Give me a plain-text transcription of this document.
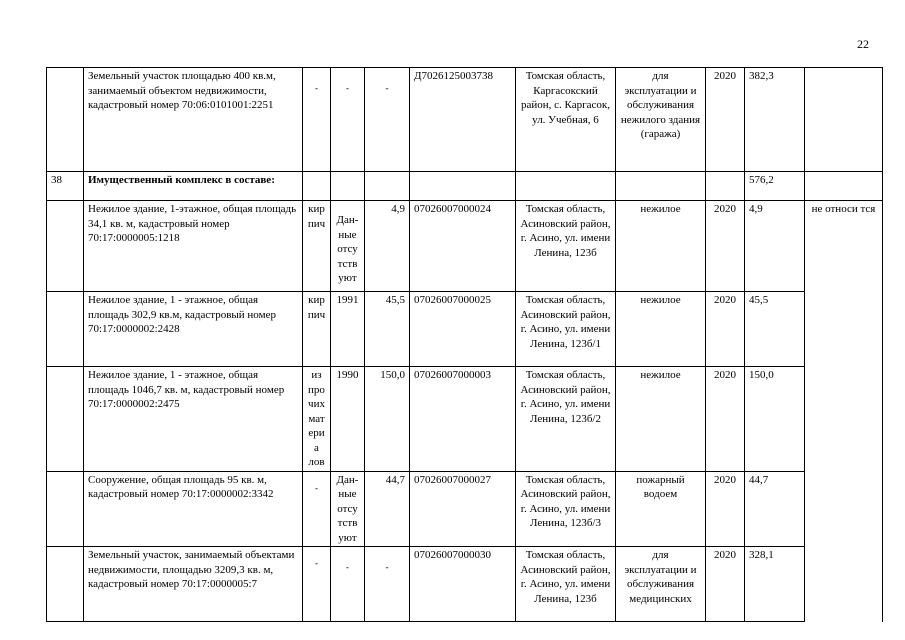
22
	Земельный участок площадью 400 кв.м, занимаемый объектом недвижимости, кадастровый номер 70:06:0101001:2251	-	-	-	Д7026125003738	Томская область, Каргасокский район, с. Каргасок, ул. Учебная, 6	для эксплуатации и обслуживания нежилого здания (гаража)	2020	382,3		
38	Имущественный комплекс в составе:								576,2		
	Нежилое здание, 1-этажное, общая площадь 34,1 кв. м, кадастровый номер 70:17:0000005:1218	кир пич	Дан-ные отсу тств уют	4,9	07026007000024	Томская область, Асиновский район, г. Асино, ул. имени Ленина, 123б	нежилое	2020	4,9	не относи тся	
	Нежилое здание, 1 - этажное, общая площадь 302,9 кв.м, кадастровый номер 70:17:0000002:2428	кир пич	1991	45,5	07026007000025	Томская область, Асиновский район, г. Асино, ул. имени Ленина, 123б/1	нежилое	2020	45,5		
	Нежилое здание, 1 - этажное, общая площадь 1046,7 кв. м, кадастровый номер 70:17:0000002:2475	из про чих мат ериа лов	1990	150,0	07026007000003	Томская область, Асиновский район, г. Асино, ул. имени Ленина, 123б/2	нежилое	2020	150,0		
	Сооружение, общая площадь 95 кв. м, кадастровый номер 70:17:0000002:3342	-	Дан-ные отсу тств уют	44,7	07026007000027	Томская область, Асиновский район, г. Асино, ул. имени Ленина, 123б/3	пожарный водоем	2020	44,7		
	Земельный участок, занимаемый объектами недвижимости, площадью 3209,3 кв. м, кадастровый номер 70:17:0000005:7	-	-	-	07026007000030	Томская область, Асиновский район, г. Асино, ул. имени Ленина, 123б	для эксплуатации и обслуживания медицинских	2020	328,1		
